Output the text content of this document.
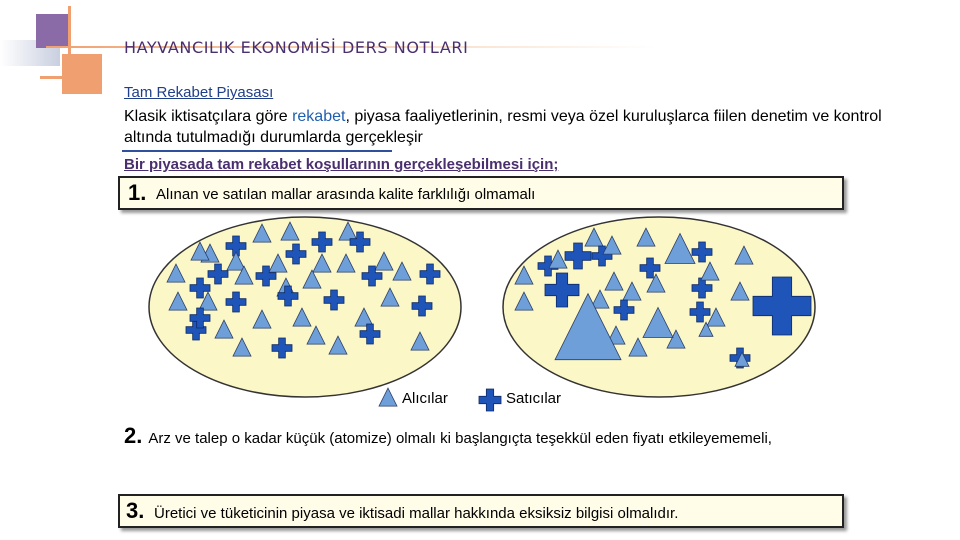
HAYVANCILIK EKONOMİSİ DERS NOTLARI
Tam Rekabet Piyasası
Klasik iktisatçılara göre rekabet, piyasa faaliyetlerinin, resmi veya özel kuruluşlarca fiilen denetim ve kontrol altında tutulmadığı durumlarda gerçekleşir
Bir piyasada tam rekabet koşullarının gerçekleşebilmesi için;
1. Alınan ve satılan mallar arasında kalite farklılığı olmamalı
Alıcılar	Satıcılar
2. Arz ve talep o kadar küçük (atomize) olmalı ki başlangıçta teşekkül eden fiyatı etkileyememeli,
3. Üretici ve tüketicinin piyasa ve iktisadi mallar hakkında eksiksiz bilgisi olmalıdır.
